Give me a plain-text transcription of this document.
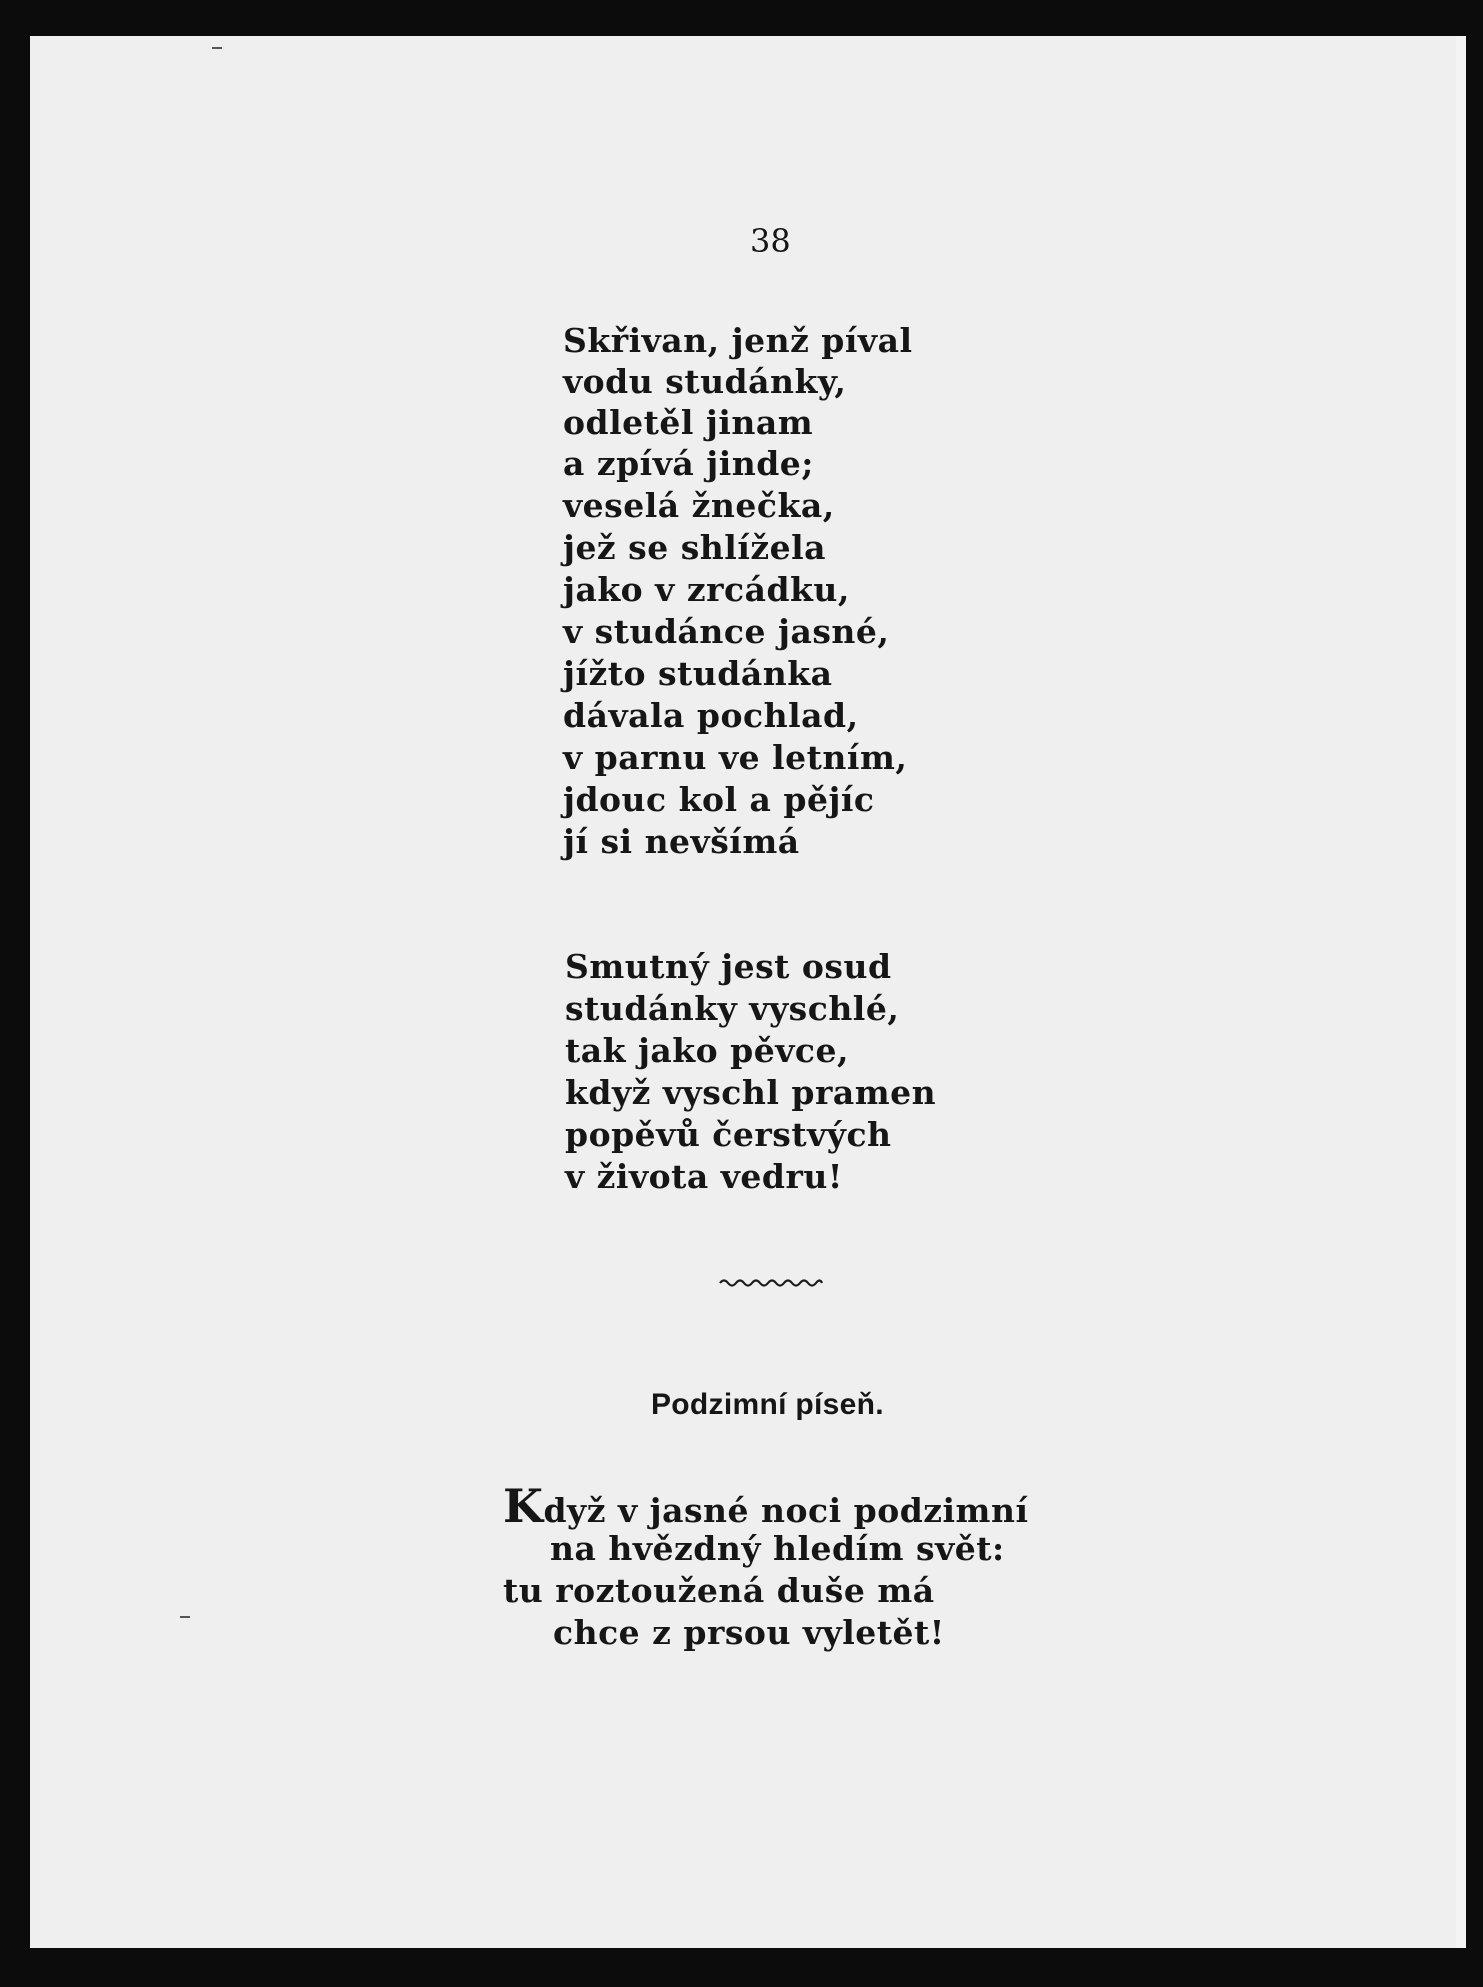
38
Skřivan, jenž píval
vodu studánky,
odletěl jinam
a zpívá jinde;
veselá žnečka,
jež se shlížela
jako v zrcádku,
v studánce jasné,
jížto studánka
dávala pochlad,
v parnu ve letním,
jdouc kol a pějíc
jí si nevšímá
Smutný jest osud
studánky vyschlé,
tak jako pěvce,
když vyschl pramen
popěvů čerstvých
v života vedru!
Podzimní píseň.
Když v jasné noci podzimní
na hvězdný hledím svět:
tu roztoužená duše má
chce z prsou vyletět!
